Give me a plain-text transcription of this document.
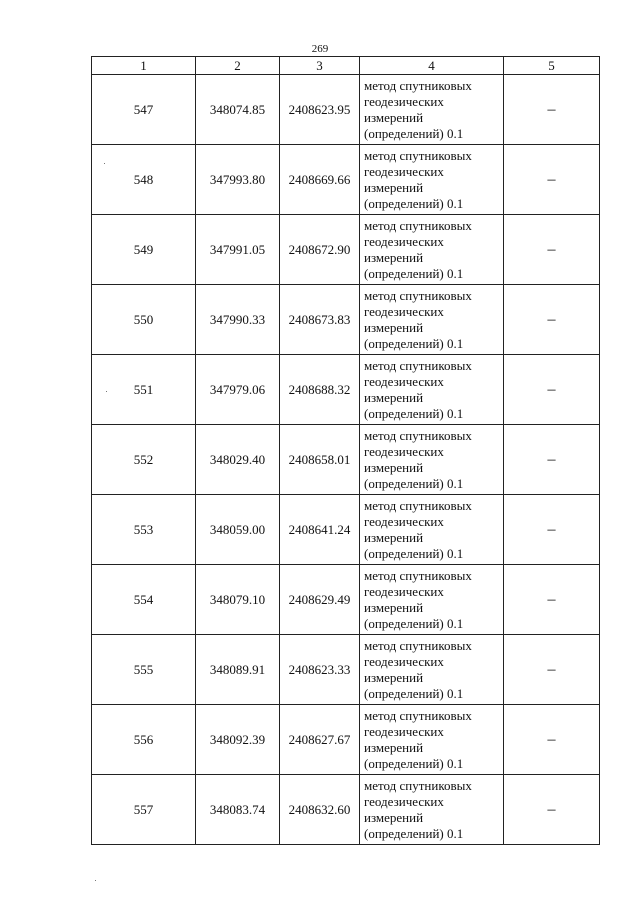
269
1	2	3	4	5
547	348074.85	2408623.95	метод спутниковых
геодезических
измерений
(определений) 0.1	–
548	347993.80	2408669.66	метод спутниковых
геодезических
измерений
(определений) 0.1	–
549	347991.05	2408672.90	метод спутниковых
геодезических
измерений
(определений) 0.1	–
550	347990.33	2408673.83	метод спутниковых
геодезических
измерений
(определений) 0.1	–
551	347979.06	2408688.32	метод спутниковых
геодезических
измерений
(определений) 0.1	–
552	348029.40	2408658.01	метод спутниковых
геодезических
измерений
(определений) 0.1	–
553	348059.00	2408641.24	метод спутниковых
геодезических
измерений
(определений) 0.1	–
554	348079.10	2408629.49	метод спутниковых
геодезических
измерений
(определений) 0.1	–
555	348089.91	2408623.33	метод спутниковых
геодезических
измерений
(определений) 0.1	–
556	348092.39	2408627.67	метод спутниковых
геодезических
измерений
(определений) 0.1	–
557	348083.74	2408632.60	метод спутниковых
геодезических
измерений
(определений) 0.1	–
